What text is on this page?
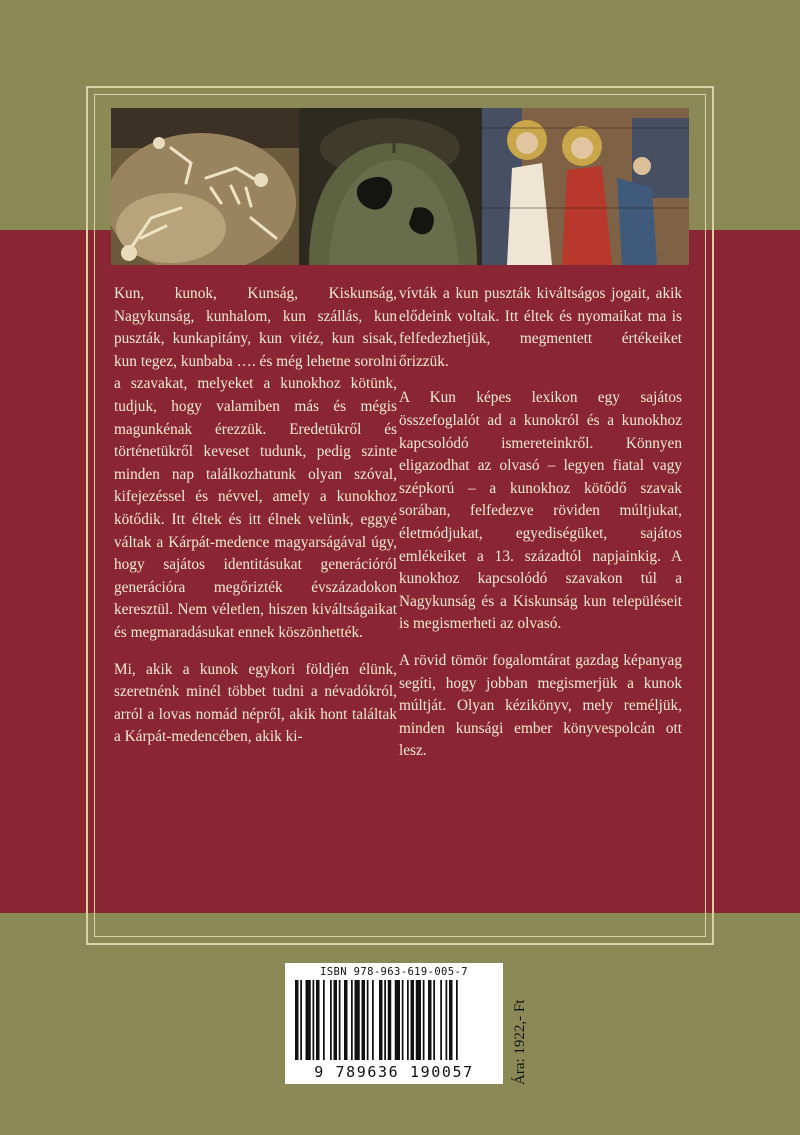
Kun, kunok, Kunság, Kiskunság, Nagykunság, kunhalom, kun szállás, kun puszták, kunkapitány, kun vitéz, kun sisak, kun tegez, kunbaba …. és még lehetne sorolni a szavakat, melyeket a kunokhoz kötünk, tudjuk, hogy valamiben más és mégis magunkénak érezzük. Eredetükről és történetükről keveset tudunk, pedig szinte minden nap találkozhatunk olyan szóval, kifejezéssel és névvel, amely a kunokhoz kötődik. Itt éltek és itt élnek velünk, eggyé váltak a Kárpát-medence magyarságával úgy, hogy sajátos identitásukat generációról generációra megőrizték évszázadokon keresztül. Nem véletlen, hiszen kiváltságaikat és megmaradásukat ennek köszönhették.

Mi, akik a kunok egykori földjén élünk, szeretnénk minél többet tudni a névadókról, arról a lovas nomád népről, akik hont találtak a Kárpát-medencében, akik ki-

vívták a kun puszták kiváltságos jogait, akik elődeink voltak. Itt éltek és nyomaikat ma is felfedezhetjük, megmentett értékeiket őrizzük.

A Kun képes lexikon egy sajátos összefoglalót ad a kunokról és a kunokhoz kapcsolódó ismereteinkről. Könnyen eligazodhat az olvasó – legyen fiatal vagy szépkorú – a kunokhoz kötődő szavak sorában, felfedezve röviden múltjukat, életmódjukat, egyediségüket, sajátos emlékeiket a 13. századtól napjainkig. A kunokhoz kapcsolódó szavakon túl a Nagykunság és a Kiskunság kun településeit is megismerheti az olvasó.

A rövid tömör fogalomtárat gazdag képanyag segíti, hogy jobban megismerjük a kunok múltját. Olyan kézikönyv, mely reméljük, minden kunsági ember könyvespolcán ott lesz.

ISBN 978-963-619-005-7
9 789636 190057	Ára: 1922,- Ft
